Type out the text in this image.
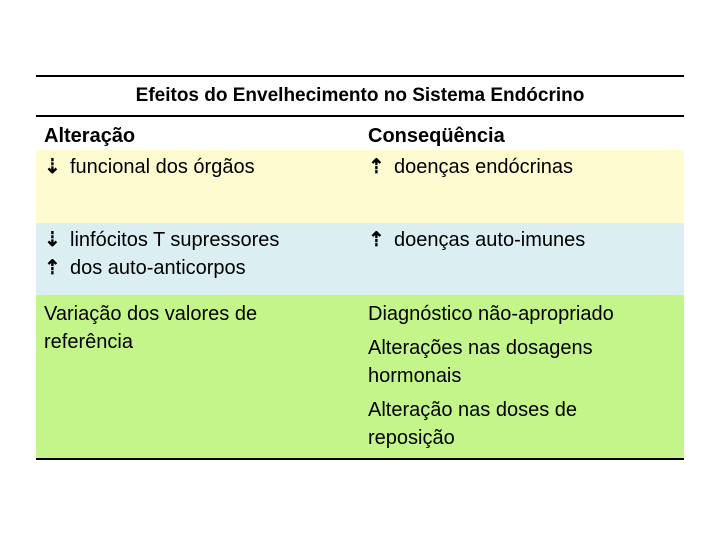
Efeitos do Envelhecimento no Sistema Endócrino
Alteração	Conseqüência
⇣ funcional dos órgãos	⇡ doenças endócrinas
⇣ linfócitos T supressores
⇡ dos auto-anticorpos
⇡ doenças auto-imunes
Variação dos valores de referência
Diagnóstico não-apropriado
Alterações nas dosagens hormonais
Alteração nas doses de reposição
